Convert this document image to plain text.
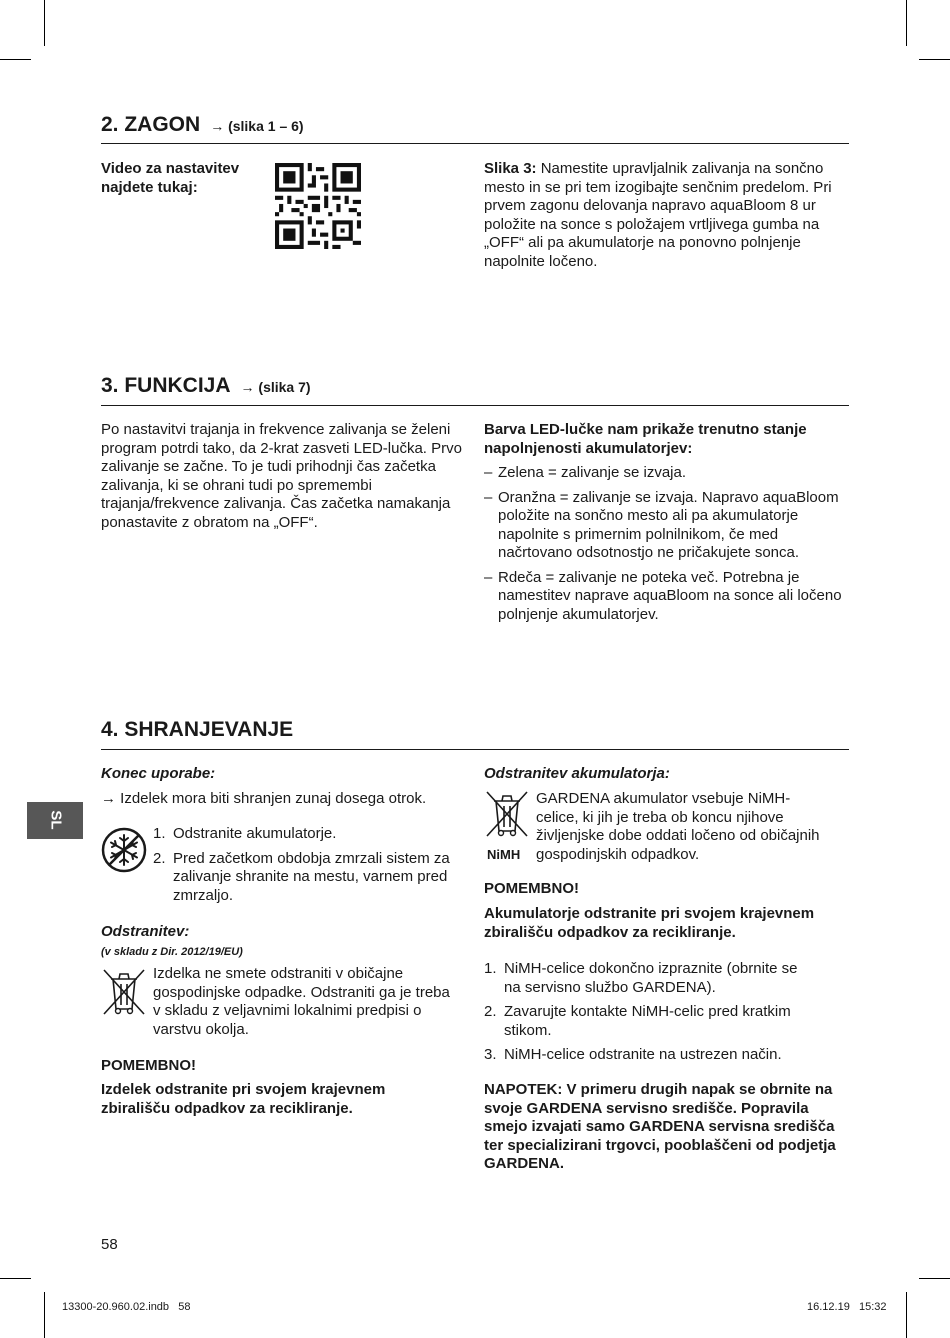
2. ZAGON → (slika 1 – 6)
Video za nastavitev najdete tukaj:
Slika 3: Namestite upravljalnik zalivanja na sončno mesto in se pri tem izogibajte senčnim predelom. Pri prvem zagonu delovanja napravo aquaBloom 8 ur položite na sonce s položajem vrtljivega gumba na „OFF“ ali pa akumulatorje na ponovno polnjenje napolnite ločeno.
3. FUNKCIJA → (slika 7)

Po nastavitvi trajanja in frekvence zalivanja se želeni program potrdi tako, da 2-krat zasveti LED-lučka. Prvo zalivanje se začne. To je tudi prihodnji čas začetka zalivanja, ki se ohrani tudi po spremembi trajanja/frekvence zalivanja. Čas začetka namakanja ponastavite z obratom na „OFF“.

Barva LED-lučke nam prikaže trenutno stanje napolnjenosti akumulatorjev:

– Zelena = zalivanje se izvaja.
– Oranžna = zalivanje se izvaja. Napravo aquaBloom položite na sončno mesto ali pa akumulatorje napolnite s primernim polnilnikom, če med načrtovano odsotnostjo ne pričakujete sonca.
– Rdeča = zalivanje ne poteka več. Potrebna je namestitev naprave aquaBloom na sonce ali ločeno polnjenje akumulatorjev.
4. SHRANJEVANJE
Konec uporabe:
→ Izdelek mora biti shranjen zunaj dosega otrok.
1. Odstranite akumulatorje.
2. Pred začetkom obdobja zmrzali sistem za zalivanje shranite na mestu, varnem pred zmrzaljo.
Odstranitev:
(v skladu z Dir. 2012/19/EU)

Izdelka ne smete odstraniti v običajne gospodinjske odpadke. Odstraniti ga je treba v skladu z veljavnimi lokalnimi predpisi o varstvu okolja.

POMEMBNO!

Izdelek odstranite pri svojem krajevnem zbirališču odpadkov za recikliranje.

Odstranitev akumulatorja:
NiMH

GARDENA akumulator vsebuje NiMH-celice, ki jih je treba ob koncu njihove življenjske dobe oddati ločeno od običajnih gospodinjskih odpadkov.

POMEMBNO!

Akumulatorje odstranite pri svojem krajevnem zbirališču odpadkov za recikliranje.

1. NiMH-celice dokončno izpraznite (obrnite se na servisno službo GARDENA).
2. Zavarujte kontakte NiMH-celic pred kratkim stikom.
3. NiMH-celice odstranite na ustrezen način.

NAPOTEK: V primeru drugih napak se obrnite na svoje GARDENA servisno središče. Popravila smejo izvajati samo GARDENA servisna središča ter specializirani trgovci, pooblaščeni od podjetja GARDENA.

SL
58
13300-20.960.02.indb   58	16.12.19   15:32
